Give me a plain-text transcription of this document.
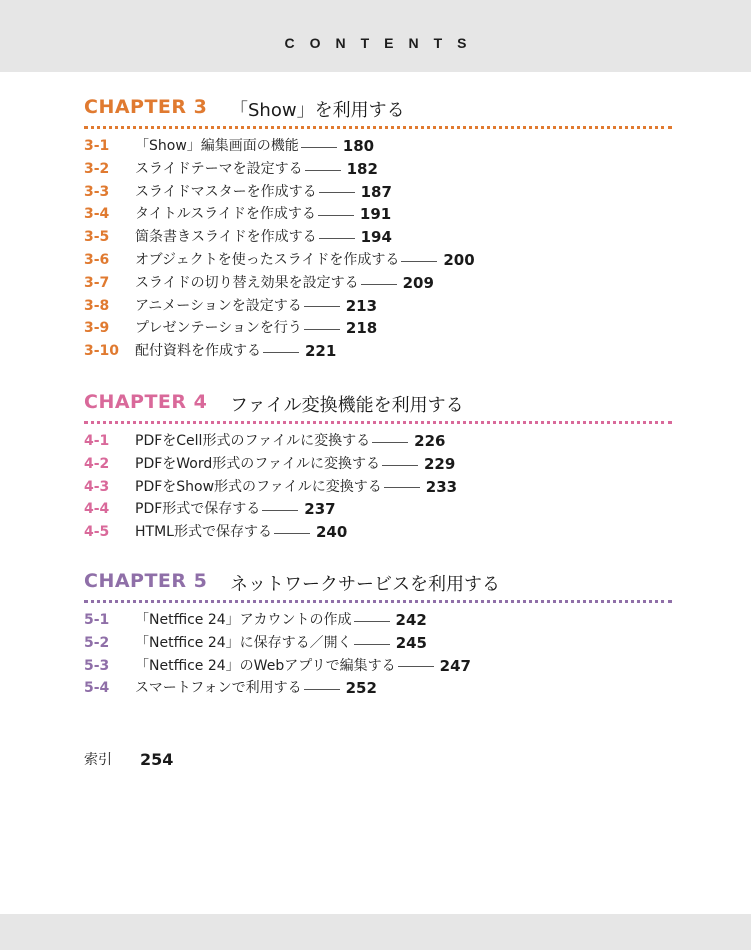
CONTENTS
CHAPTER 3 「Show」を利用する
3-1 「Show」編集画面の機能	180
3-2 スライドテーマを設定する	182
3-3 スライドマスターを作成する	187
3-4 タイトルスライドを作成する	191
3-5 箇条書きスライドを作成する	194
3-6 オブジェクトを使ったスライドを作成する	200
3-7 スライドの切り替え効果を設定する	209
3-8 アニメーションを設定する	213
3-9 プレゼンテーションを行う	218
3-10 配付資料を作成する	221
CHAPTER 4 ファイル変換機能を利用する
4-1 PDFをCell形式のファイルに変換する	226
4-2 PDFをWord形式のファイルに変換する	229
4-3 PDFをShow形式のファイルに変換する	233
4-4 PDF形式で保存する	237
4-5 HTML形式で保存する	240
CHAPTER 5 ネットワークサービスを利用する
5-1 「Netffice 24」アカウントの作成	242
5-2 「Netffice 24」に保存する／開く	245
5-3 「Netffice 24」のWebアプリで編集する	247
5-4 スマートフォンで利用する	252
索引	254
